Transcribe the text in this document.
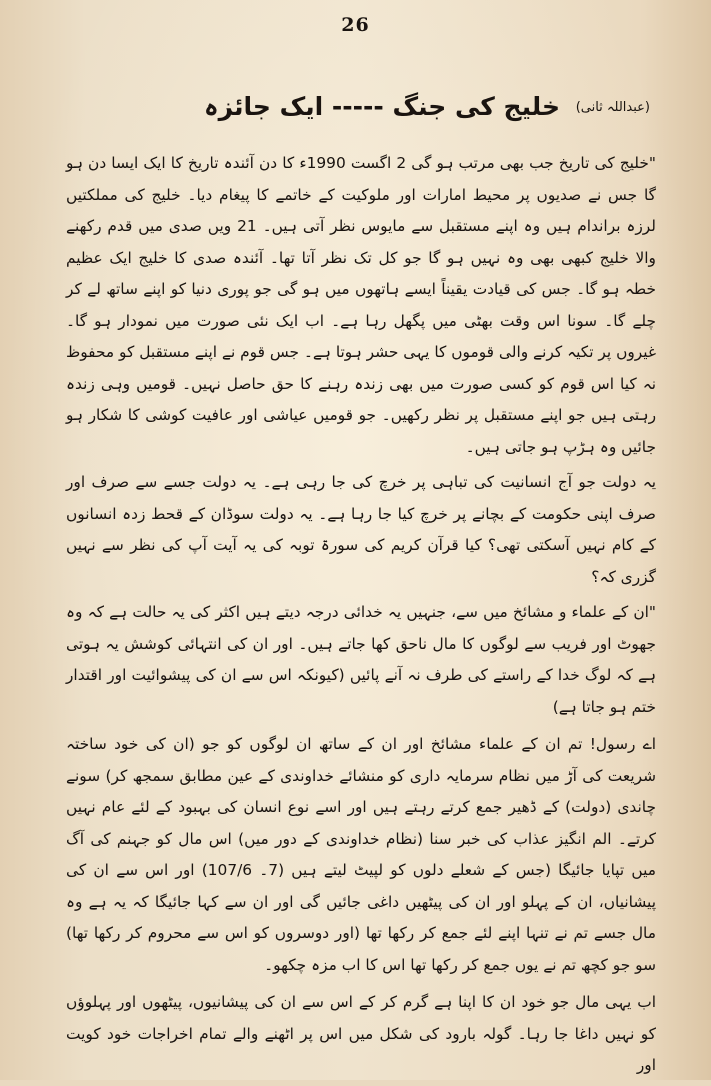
26
خلیج کی جنگ ----- ایک جائزہ (عبداللہ ثانی)

"خلیج کی تاریخ جب بھی مرتب ہو گی 2 اگست 1990ء کا دن آئندہ تاریخ کا ایک ایسا دن ہو گا جس نے صدیوں پر محیط امارات اور ملوکیت کے خاتمے کا پیغام دیا۔ خلیج کی مملکتیں لرزہ براندام ہیں وہ اپنے مستقبل سے مایوس نظر آتی ہیں۔ 21 ویں صدی میں قدم رکھنے والا خلیج کبھی بھی وہ نہیں ہو گا جو کل تک نظر آتا تھا۔ آئندہ صدی کا خلیج ایک عظیم خطہ ہو گا۔ جس کی قیادت یقیناً ایسے ہاتھوں میں ہو گی جو پوری دنیا کو اپنے ساتھ لے کر چلے گا۔ سونا اس وقت بھٹی میں پگھل رہا ہے۔ اب ایک نئی صورت میں نمودار ہو گا۔ غیروں پر تکیہ کرنے والی قوموں کا یہی حشر ہوتا ہے۔ جس قوم نے اپنے مستقبل کو محفوظ نہ کیا اس قوم کو کسی صورت میں بھی زندہ رہنے کا حق حاصل نہیں۔ قومیں وہی زندہ رہتی ہیں جو اپنے مستقبل پر نظر رکھیں۔ جو قومیں عیاشی اور عافیت کوشی کا شکار ہو جائیں وہ ہڑپ ہو جاتی ہیں۔

یہ دولت جو آج انسانیت کی تباہی پر خرچ کی جا رہی ہے۔ یہ دولت جسے سے صرف اور صرف اپنی حکومت کے بچانے پر خرچ کیا جا رہا ہے۔ یہ دولت سوڈان کے قحط زدہ انسانوں کے کام نہیں آسکتی تھی؟ کیا قرآن کریم کی سورۃ توبہ کی یہ آیت آپ کی نظر سے نہیں گزری کہ؟

"ان کے علماء و مشائخ میں سے، جنہیں یہ خدائی درجہ دیتے ہیں اکثر کی یہ حالت ہے کہ وہ جھوٹ اور فریب سے لوگوں کا مال ناحق کھا جاتے ہیں۔ اور ان کی انتہائی کوشش یہ ہوتی ہے کہ لوگ خدا کے راستے کی طرف نہ آنے پائیں (کیونکہ اس سے ان کی پیشوائیت اور اقتدار ختم ہو جاتا ہے)

اے رسول! تم ان کے علماء مشائخ اور ان کے ساتھ ان لوگوں کو جو (ان کی خود ساختہ شریعت کی آڑ میں نظام سرمایہ داری کو منشائے خداوندی کے عین مطابق سمجھ کر) سونے چاندی (دولت) کے ڈھیر جمع کرتے رہتے ہیں اور اسے نوع انسان کی بہبود کے لئے عام نہیں کرتے۔ الم انگیز عذاب کی خبر سنا (نظام خداوندی کے دور میں) اس مال کو جہنم کی آگ میں تپایا جائیگا (جس کے شعلے دلوں کو لپیٹ لیتے ہیں (7۔ 107/6) اور اس سے ان کی پیشانیاں، ان کے پہلو اور ان کی پیٹھیں داغی جائیں گی اور ان سے کہا جائیگا کہ یہ ہے وہ مال جسے تم نے تنہا اپنے لئے جمع کر رکھا تھا (اور دوسروں کو اس سے محروم کر رکھا تھا) سو جو کچھ تم نے یوں جمع کر رکھا تھا اس کا اب مزہ چکھو۔

اب یہی مال جو خود ان کا اپنا ہے گرم کر کے اس سے ان کی پیشانیوں، پیٹھوں اور پہلوؤں کو نہیں داغا جا رہا۔ گولہ بارود کی شکل میں اس پر اٹھنے والے تمام اخراجات خود کویت اور
